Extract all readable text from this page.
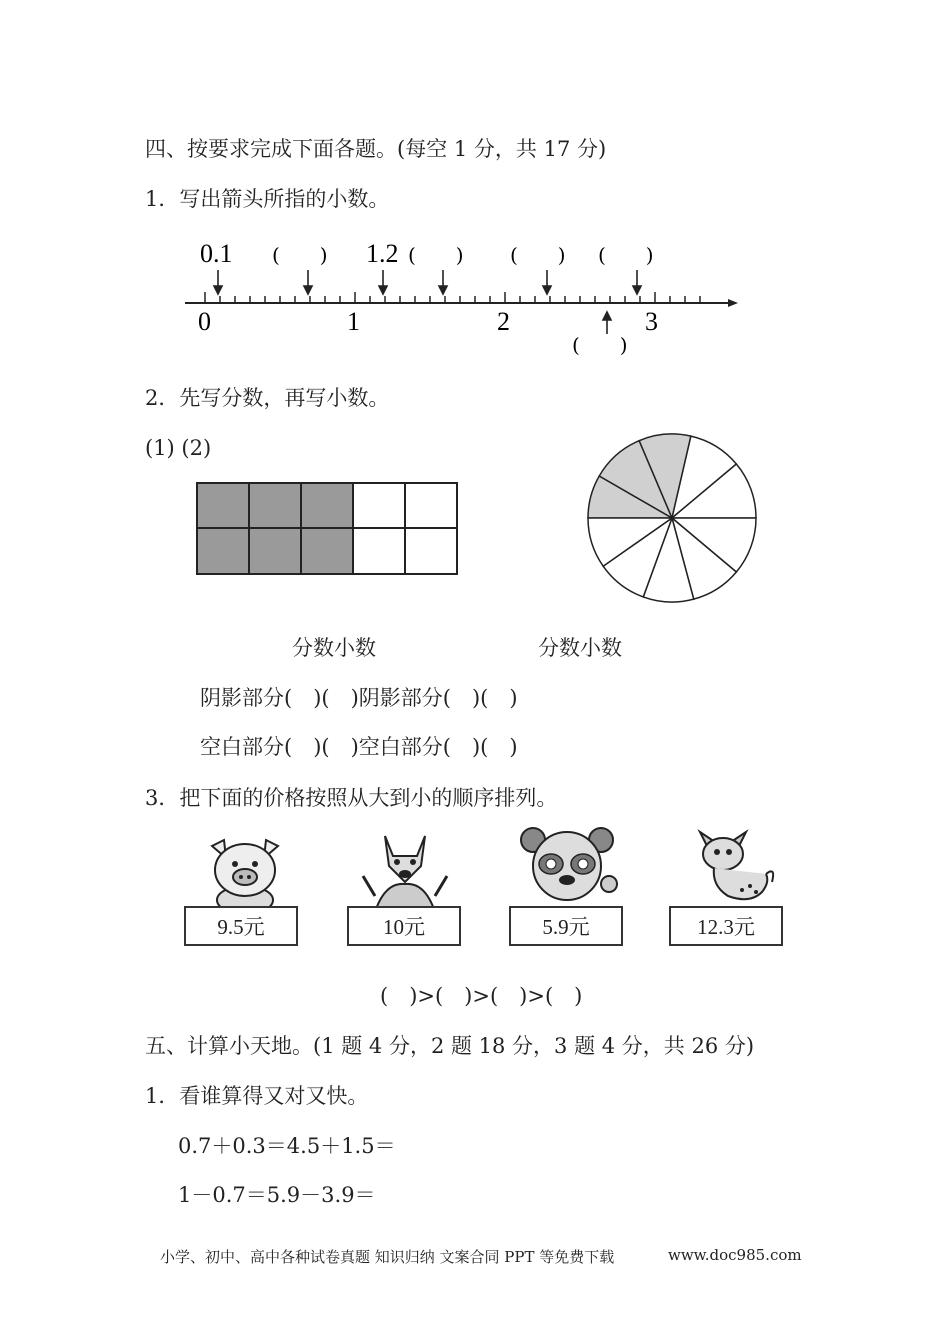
四、按要求完成下面各题。(每空 1 分，共 17 分)
1．写出箭头所指的小数。
0.1	1.2
(　　)	(　　) (　　) (　　)
0	1	2	3
(　　)
2．先写分数，再写小数。
(1) (2)
分数小数	分数小数
阴影部分(　)(　)阴影部分(　)(　)
空白部分(　)(　)空白部分(　)(　)
3．把下面的价格按照从大到小的顺序排列。
9.5元	10元	5.9元	12.3元
(　)>(　)>(　)>(　)
五、计算小天地。(1 题 4 分，2 题 18 分，3 题 4 分，共 26 分)
1．看谁算得又对又快。
0.7＋0.3＝4.5＋1.5＝
1－0.7＝5.9－3.9＝
小学、初中、高中各种试卷真题 知识归纳 文案合同 PPT 等免费下载	www.doc985.com
